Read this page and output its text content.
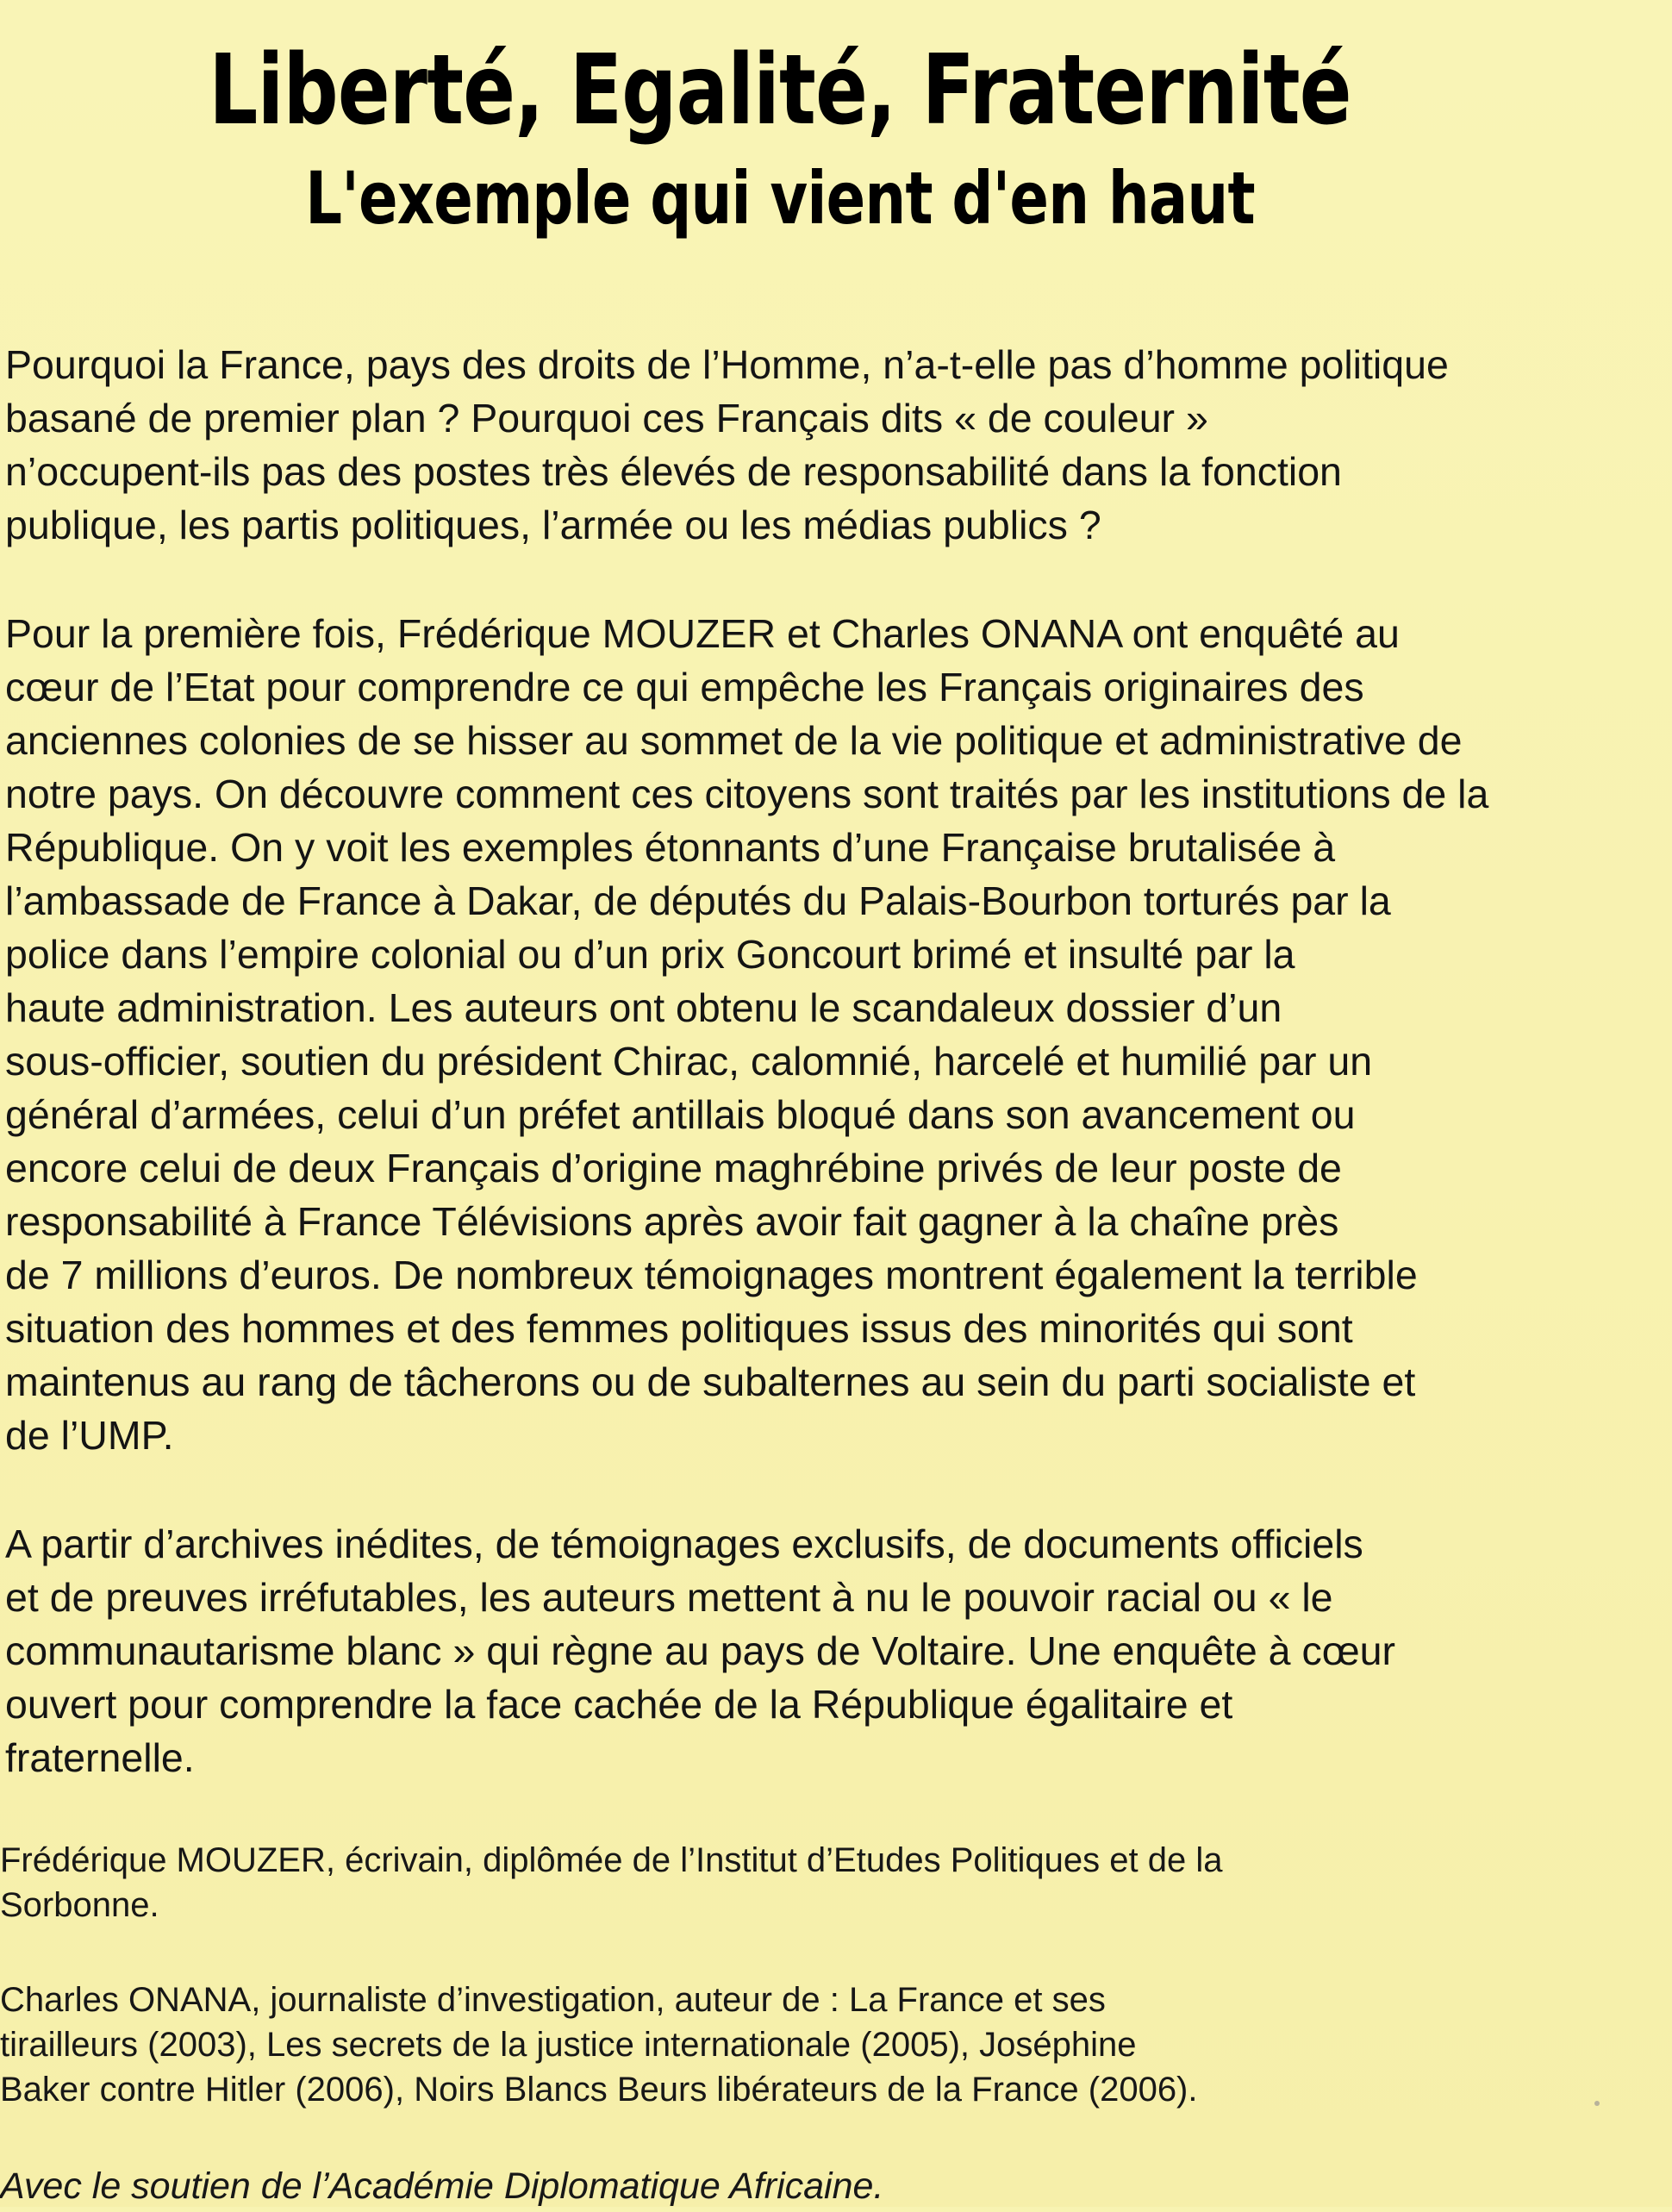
Liberté, Egalité, Fraternité
L'exemple qui vient d'en haut

Pourquoi la France, pays des droits de l’Homme, n’a-t-elle pas d’homme politique
basané de premier plan ? Pourquoi ces Français dits « de couleur »
n’occupent-ils pas des postes très élevés de responsabilité dans la fonction
publique, les partis politiques, l’armée ou les médias publics ?

Pour la première fois, Frédérique MOUZER et Charles ONANA ont enquêté au
cœur de l’Etat pour comprendre ce qui empêche les Français originaires des
anciennes colonies de se hisser au sommet de la vie politique et administrative de
notre pays. On découvre comment ces citoyens sont traités par les institutions de la
République. On y voit les exemples étonnants d’une Française brutalisée à
l’ambassade de France à Dakar, de députés du Palais-Bourbon torturés par la
police dans l’empire colonial ou d’un prix Goncourt brimé et insulté par la
haute administration. Les auteurs ont obtenu le scandaleux dossier d’un
sous-officier, soutien du président Chirac, calomnié, harcelé et humilié par un
général d’armées, celui d’un préfet antillais bloqué dans son avancement ou
encore celui de deux Français d’origine maghrébine privés de leur poste de
responsabilité à France Télévisions après avoir fait gagner à la chaîne près
de 7 millions d’euros. De nombreux témoignages montrent également la terrible
situation des hommes et des femmes politiques issus des minorités qui sont
maintenus au rang de tâcherons ou de subalternes au sein du parti socialiste et
de l’UMP.

A partir d’archives inédites, de témoignages exclusifs, de documents officiels
et de preuves irréfutables, les auteurs mettent à nu le pouvoir racial ou « le
communautarisme blanc » qui règne au pays de Voltaire. Une enquête à cœur
ouvert pour comprendre la face cachée de la République égalitaire et
fraternelle.

Frédérique MOUZER, écrivain, diplômée de l’Institut d’Etudes Politiques et de la
Sorbonne.

Charles ONANA, journaliste d’investigation, auteur de : La France et ses
tirailleurs (2003), Les secrets de la justice internationale (2005), Joséphine
Baker contre Hitler (2006), Noirs Blancs Beurs libérateurs de la France (2006).

Avec le soutien de l’Académie Diplomatique Africaine.
